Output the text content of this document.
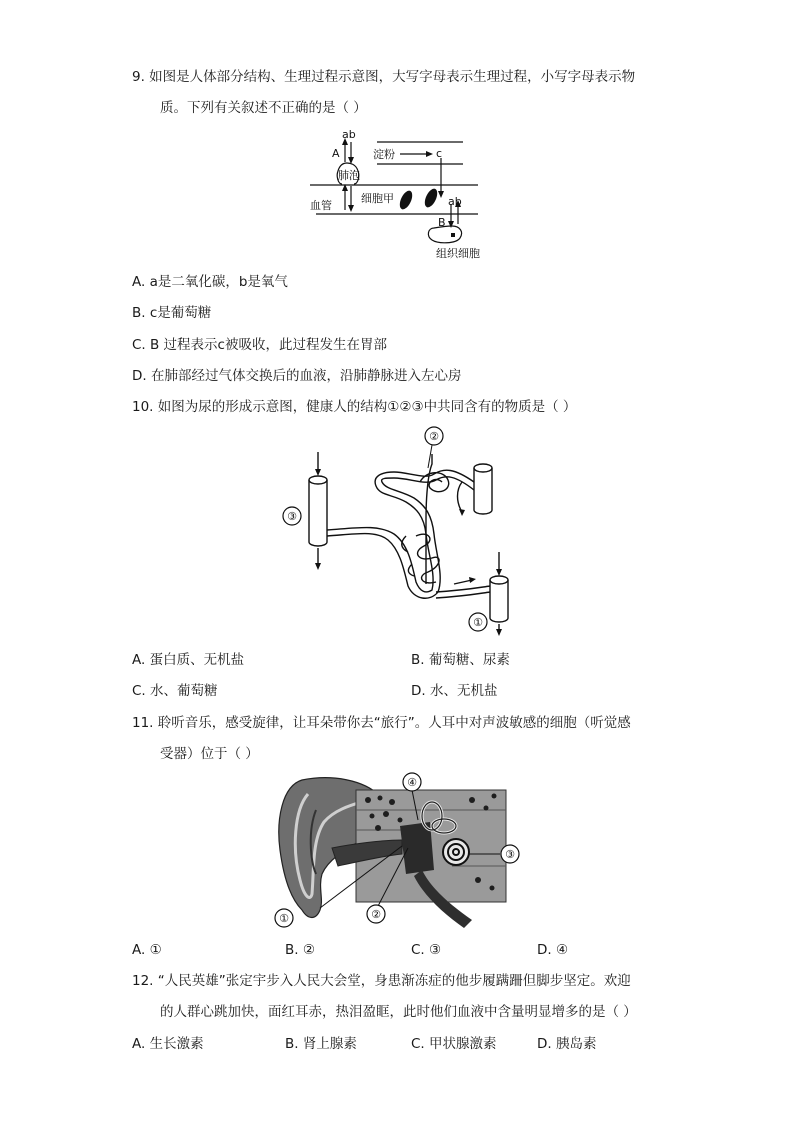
9. 如图是人体部分结构、生理过程示意图，大写字母表示生理过程，小写字母表示物
质。下列有关叙述不正确的是（ ）
ab
A
肺泡
淀粉	c
细胞甲
血管	ab
B
组织细胞
A. a是二氧化碳，b是氧气
B. c是葡萄糖
C. B 过程表示c被吸收，此过程发生在胃部
D. 在肺部经过气体交换后的血液，沿肺静脉进入左心房
10. 如图为尿的形成示意图，健康人的结构①②③中共同含有的物质是（ ）
②
③
①
A. 蛋白质、无机盐	B. 葡萄糖、尿素
C. 水、葡萄糖	D. 水、无机盐
11. 聆听音乐，感受旋律，让耳朵带你去“旅行”。人耳中对声波敏感的细胞（听觉感
受器）位于（ ）
④
③
①	②
A. ①	B. ②	C. ③	D. ④
12. “人民英雄”张定宇步入人民大会堂，身患渐冻症的他步履蹒跚但脚步坚定。欢迎
的人群心跳加快，面红耳赤，热泪盈眶，此时他们血液中含量明显增多的是（ ）
A. 生长激素	B. 肾上腺素	C. 甲状腺激素	D. 胰岛素
